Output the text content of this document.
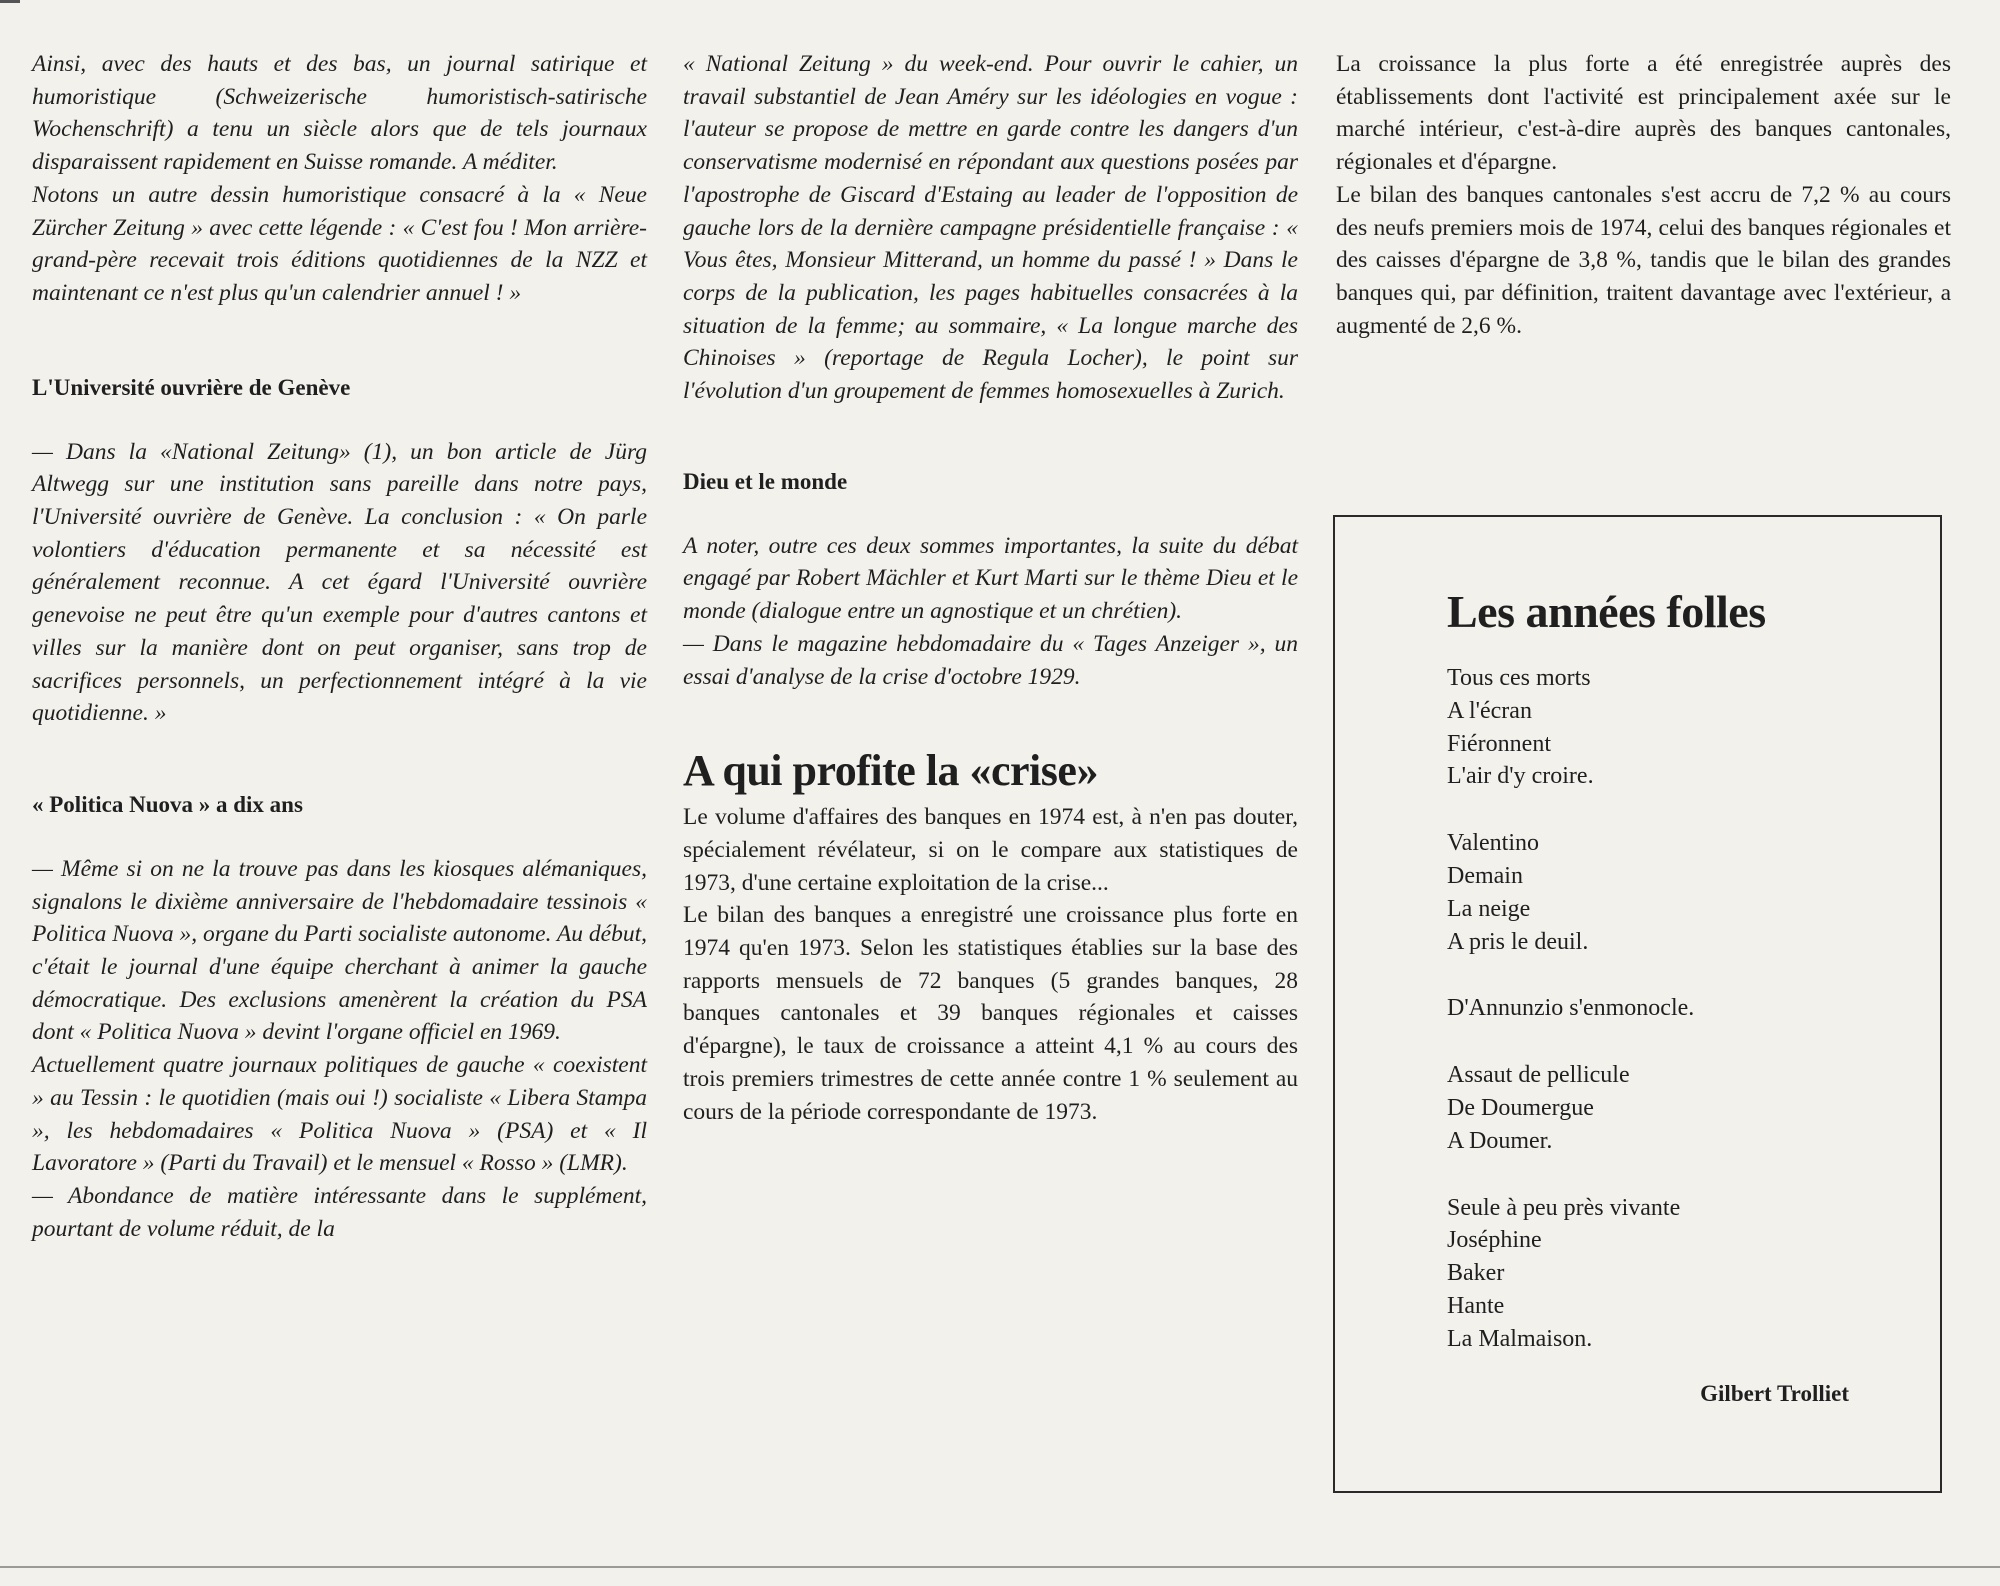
Ainsi, avec des hauts et des bas, un journal satirique et humoristique (Schweizerische humoristisch-satirische Wochenschrift) a tenu un siècle alors que de tels journaux disparaissent rapidement en Suisse romande. A méditer.

Notons un autre dessin humoristique consacré à la « Neue Zürcher Zeitung » avec cette légende : « C'est fou ! Mon arrière-grand-père recevait trois éditions quotidiennes de la NZZ et maintenant ce n'est plus qu'un calendrier annuel ! »

L'Université ouvrière de Genève

— Dans la «National Zeitung» (1), un bon article de Jürg Altwegg sur une institution sans pareille dans notre pays, l'Université ouvrière de Genève. La conclusion : « On parle volontiers d'éducation permanente et sa nécessité est généralement reconnue. A cet égard l'Université ouvrière genevoise ne peut être qu'un exemple pour d'autres cantons et villes sur la manière dont on peut organiser, sans trop de sacrifices personnels, un perfectionnement intégré à la vie quotidienne. »

« Politica Nuova » a dix ans

— Même si on ne la trouve pas dans les kiosques alémaniques, signalons le dixième anniversaire de l'hebdomadaire tessinois « Politica Nuova », organe du Parti socialiste autonome. Au début, c'était le journal d'une équipe cherchant à animer la gauche démocratique. Des exclusions amenèrent la création du PSA dont « Politica Nuova » devint l'organe officiel en 1969.

Actuellement quatre journaux politiques de gauche « coexistent » au Tessin : le quotidien (mais oui !) socialiste « Libera Stampa », les hebdomadaires « Politica Nuova » (PSA) et « Il Lavoratore » (Parti du Travail) et le mensuel « Rosso » (LMR).

— Abondance de matière intéressante dans le supplément, pourtant de volume réduit, de la

« National Zeitung » du week-end. Pour ouvrir le cahier, un travail substantiel de Jean Améry sur les idéologies en vogue : l'auteur se propose de mettre en garde contre les dangers d'un conservatisme modernisé en répondant aux questions posées par l'apostrophe de Giscard d'Estaing au leader de l'opposition de gauche lors de la dernière campagne présidentielle française : « Vous êtes, Monsieur Mitterand, un homme du passé ! » Dans le corps de la publication, les pages habituelles consacrées à la situation de la femme; au sommaire, « La longue marche des Chinoises » (reportage de Regula Locher), le point sur l'évolution d'un groupement de femmes homosexuelles à Zurich.

Dieu et le monde

A noter, outre ces deux sommes importantes, la suite du débat engagé par Robert Mächler et Kurt Marti sur le thème Dieu et le monde (dialogue entre un agnostique et un chrétien).

— Dans le magazine hebdomadaire du « Tages Anzeiger », un essai d'analyse de la crise d'octobre 1929.

A qui profite la «crise»

Le volume d'affaires des banques en 1974 est, à n'en pas douter, spécialement révélateur, si on le compare aux statistiques de 1973, d'une certaine exploitation de la crise...

Le bilan des banques a enregistré une croissance plus forte en 1974 qu'en 1973. Selon les statistiques établies sur la base des rapports mensuels de 72 banques (5 grandes banques, 28 banques cantonales et 39 banques régionales et caisses d'épargne), le taux de croissance a atteint 4,1 % au cours des trois premiers trimestres de cette année contre 1 % seulement au cours de la période correspondante de 1973.

La croissance la plus forte a été enregistrée auprès des établissements dont l'activité est principalement axée sur le marché intérieur, c'est-à-dire auprès des banques cantonales, régionales et d'épargne.

Le bilan des banques cantonales s'est accru de 7,2 % au cours des neufs premiers mois de 1974, celui des banques régionales et des caisses d'épargne de 3,8 %, tandis que le bilan des grandes banques qui, par définition, traitent davantage avec l'extérieur, a augmenté de 2,6 %.

Les années folles
Tous ces morts
A l'écran
Fiéronnent
L'air d'y croire.
Valentino
Demain
La neige
A pris le deuil.
D'Annunzio s'enmonocle.
Assaut de pellicule
De Doumergue
A Doumer.
Seule à peu près vivante
Joséphine
Baker
Hante
La Malmaison.
Gilbert Trolliet
